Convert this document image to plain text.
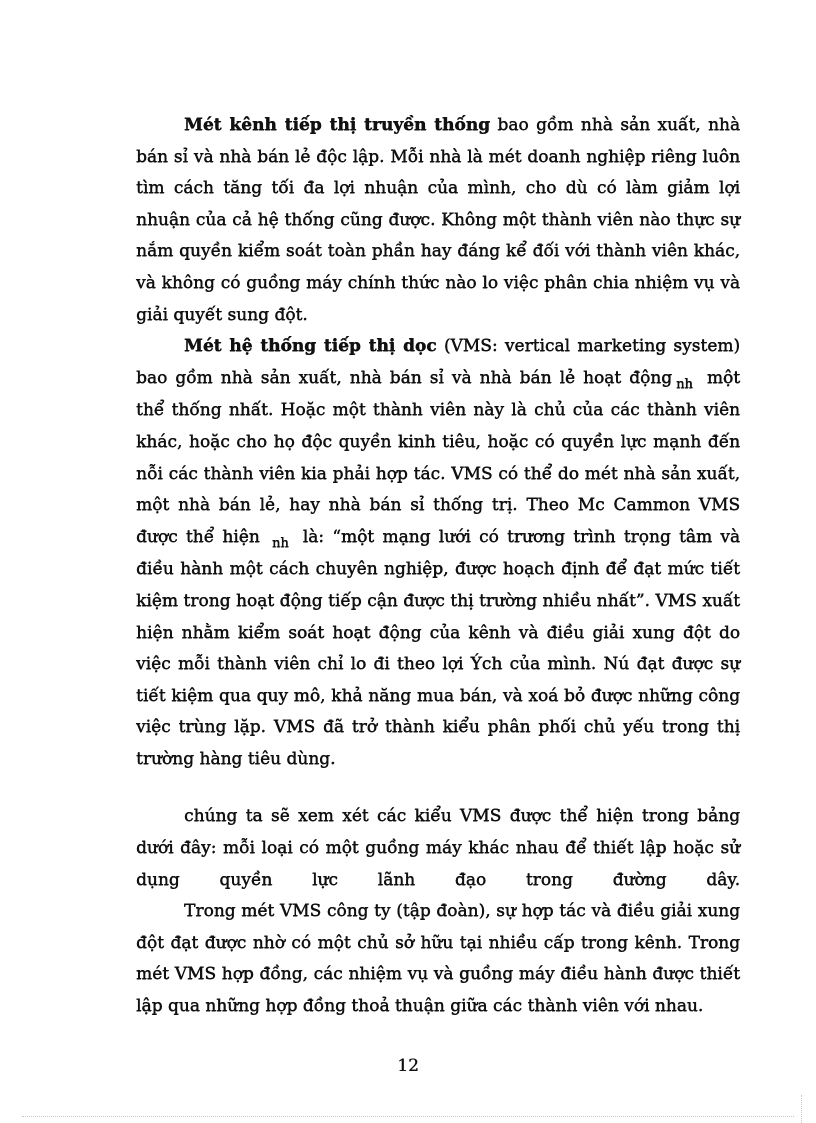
Mét kênh tiếp thị truyền thống bao gồm nhà sản xuất, nhà bán sỉ và nhà bán lẻ độc lập. Mỗi nhà là mét doanh nghiệp riêng luôn tìm cách tăng tối đa lợi nhuận của mình, cho dù có làm giảm lợi nhuận của cả hệ thống cũng được. Không một thành viên nào thực sự nắm quyền kiểm soát toàn phần hay đáng kể đối với thành viên khác, và không có guồng máy chính thức nào lo việc phân chia nhiệm vụ và giải quyết sung đột.

Mét hệ thống tiếp thị dọc (VMS: vertical marketing system) bao gồm nhà sản xuất, nhà bán sỉ và nhà bán lẻ hoạt động $_{nh}$ một thể thống nhất. Hoặc một thành viên này là chủ của các thành viên khác, hoặc cho họ độc quyền kinh tiêu, hoặc có quyền lực mạnh đến nỗi các thành viên kia phải hợp tác. VMS có thể do mét nhà sản xuất, một nhà bán lẻ, hay nhà bán sỉ thống trị. Theo Mc Cammon VMS được thể hiện $_{nh}$ là: “một mạng lưới có trương trình trọng tâm và điều hành một cách chuyên nghiệp, được hoạch định để đạt mức tiết kiệm trong hoạt động tiếp cận được thị trường nhiều nhất”. VMS xuất hiện nhằm kiểm soát hoạt động của kênh và điều giải xung đột do việc mỗi thành viên chỉ lo đi theo lợi Ých của mình. Nú đạt được sự tiết kiệm qua quy mô, khả năng mua bán, và xoá bỏ được những công việc trùng lặp. VMS đã trở thành kiểu phân phối chủ yếu trong thị trường hàng tiêu dùng.

chúng ta sẽ xem xét các kiểu VMS được thể hiện trong bảng dưới đây: mỗi loại có một guồng máy khác nhau để thiết lập hoặc sử dụng quyền lực lãnh đạo trong đường dây.

Trong mét VMS công ty (tập đoàn), sự hợp tác và điều giải xung đột đạt được nhờ có một chủ sở hữu tại nhiều cấp trong kênh. Trong mét VMS hợp đồng, các nhiệm vụ và guồng máy điều hành được thiết lập qua những hợp đồng thoả thuận giữa các thành viên với nhau.

12
